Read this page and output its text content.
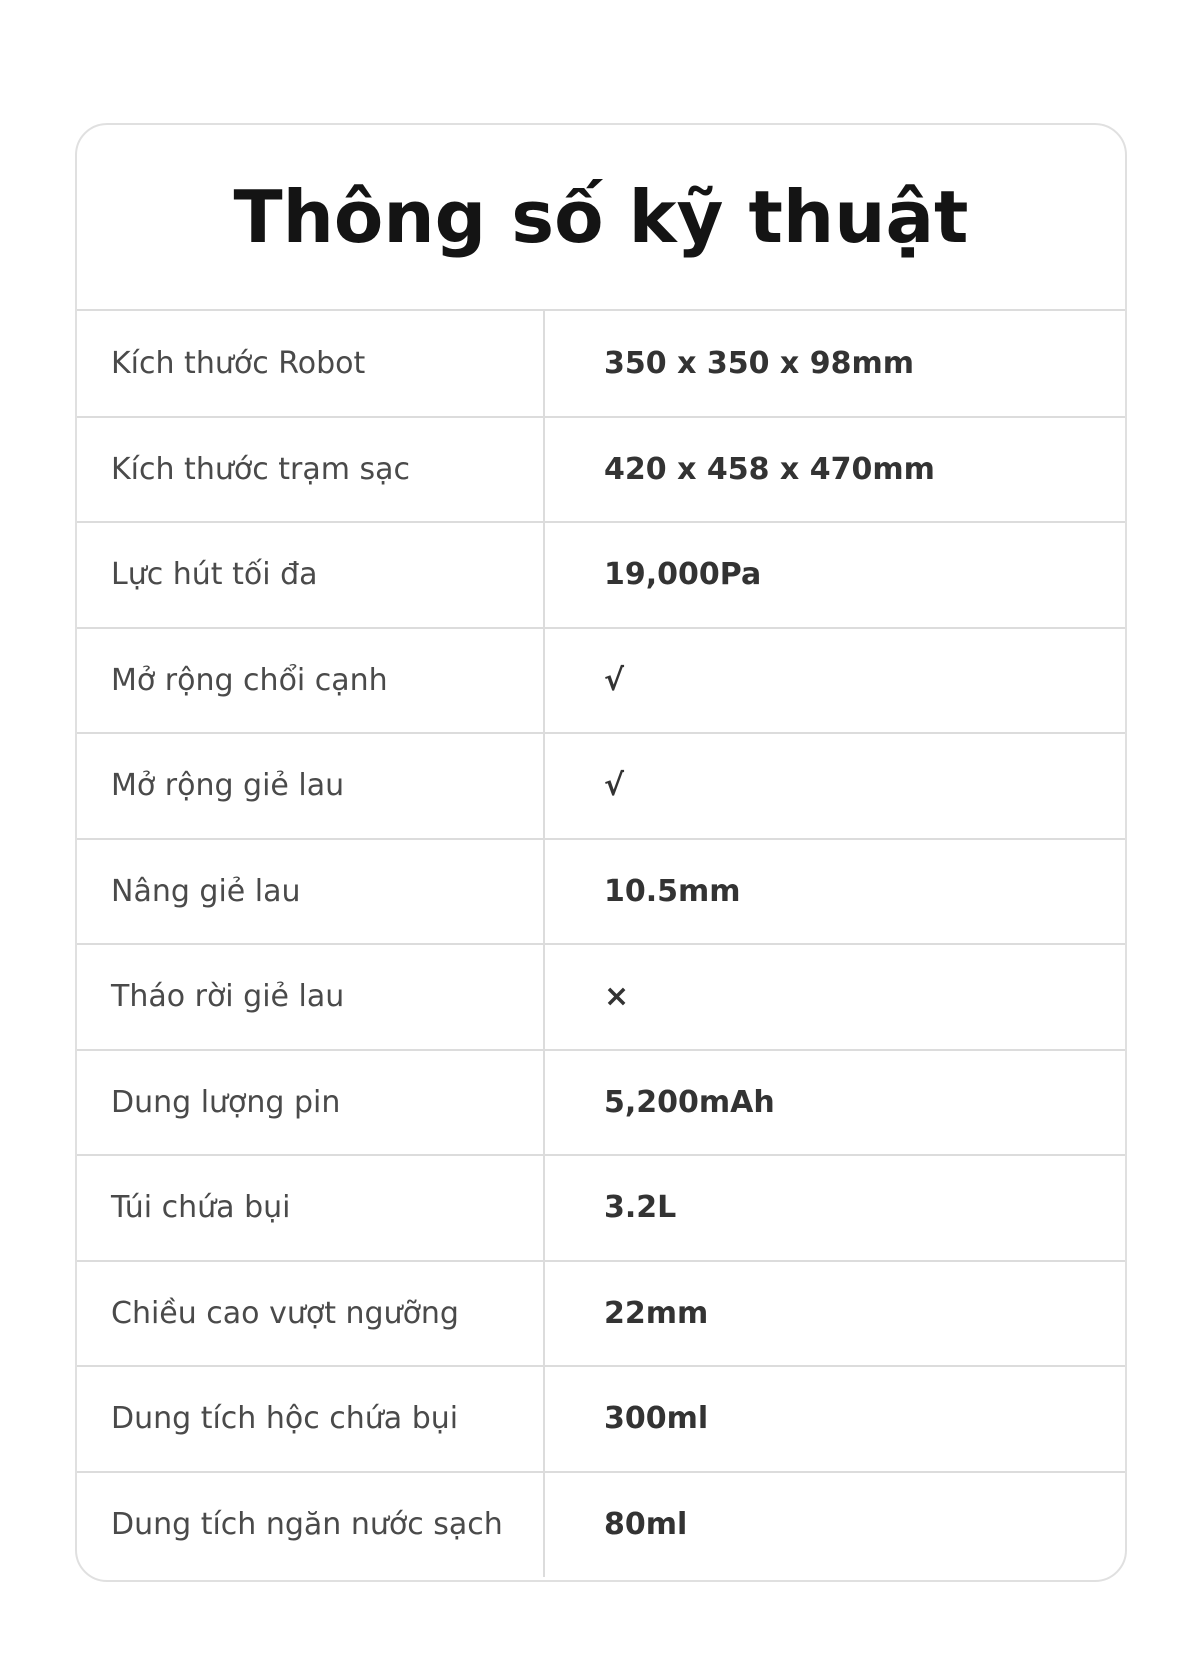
Thông số kỹ thuật
Kích thước Robot	350 x 350 x 98mm
Kích thước trạm sạc	420 x 458 x 470mm
Lực hút tối đa	19,000Pa
Mở rộng chổi cạnh	√
Mở rộng giẻ lau	√
Nâng giẻ lau	10.5mm
Tháo rời giẻ lau	×
Dung lượng pin	5,200mAh
Túi chứa bụi	3.2L
Chiều cao vượt ngưỡng	22mm
Dung tích hộc chứa bụi	300ml
Dung tích ngăn nước sạch	80ml
